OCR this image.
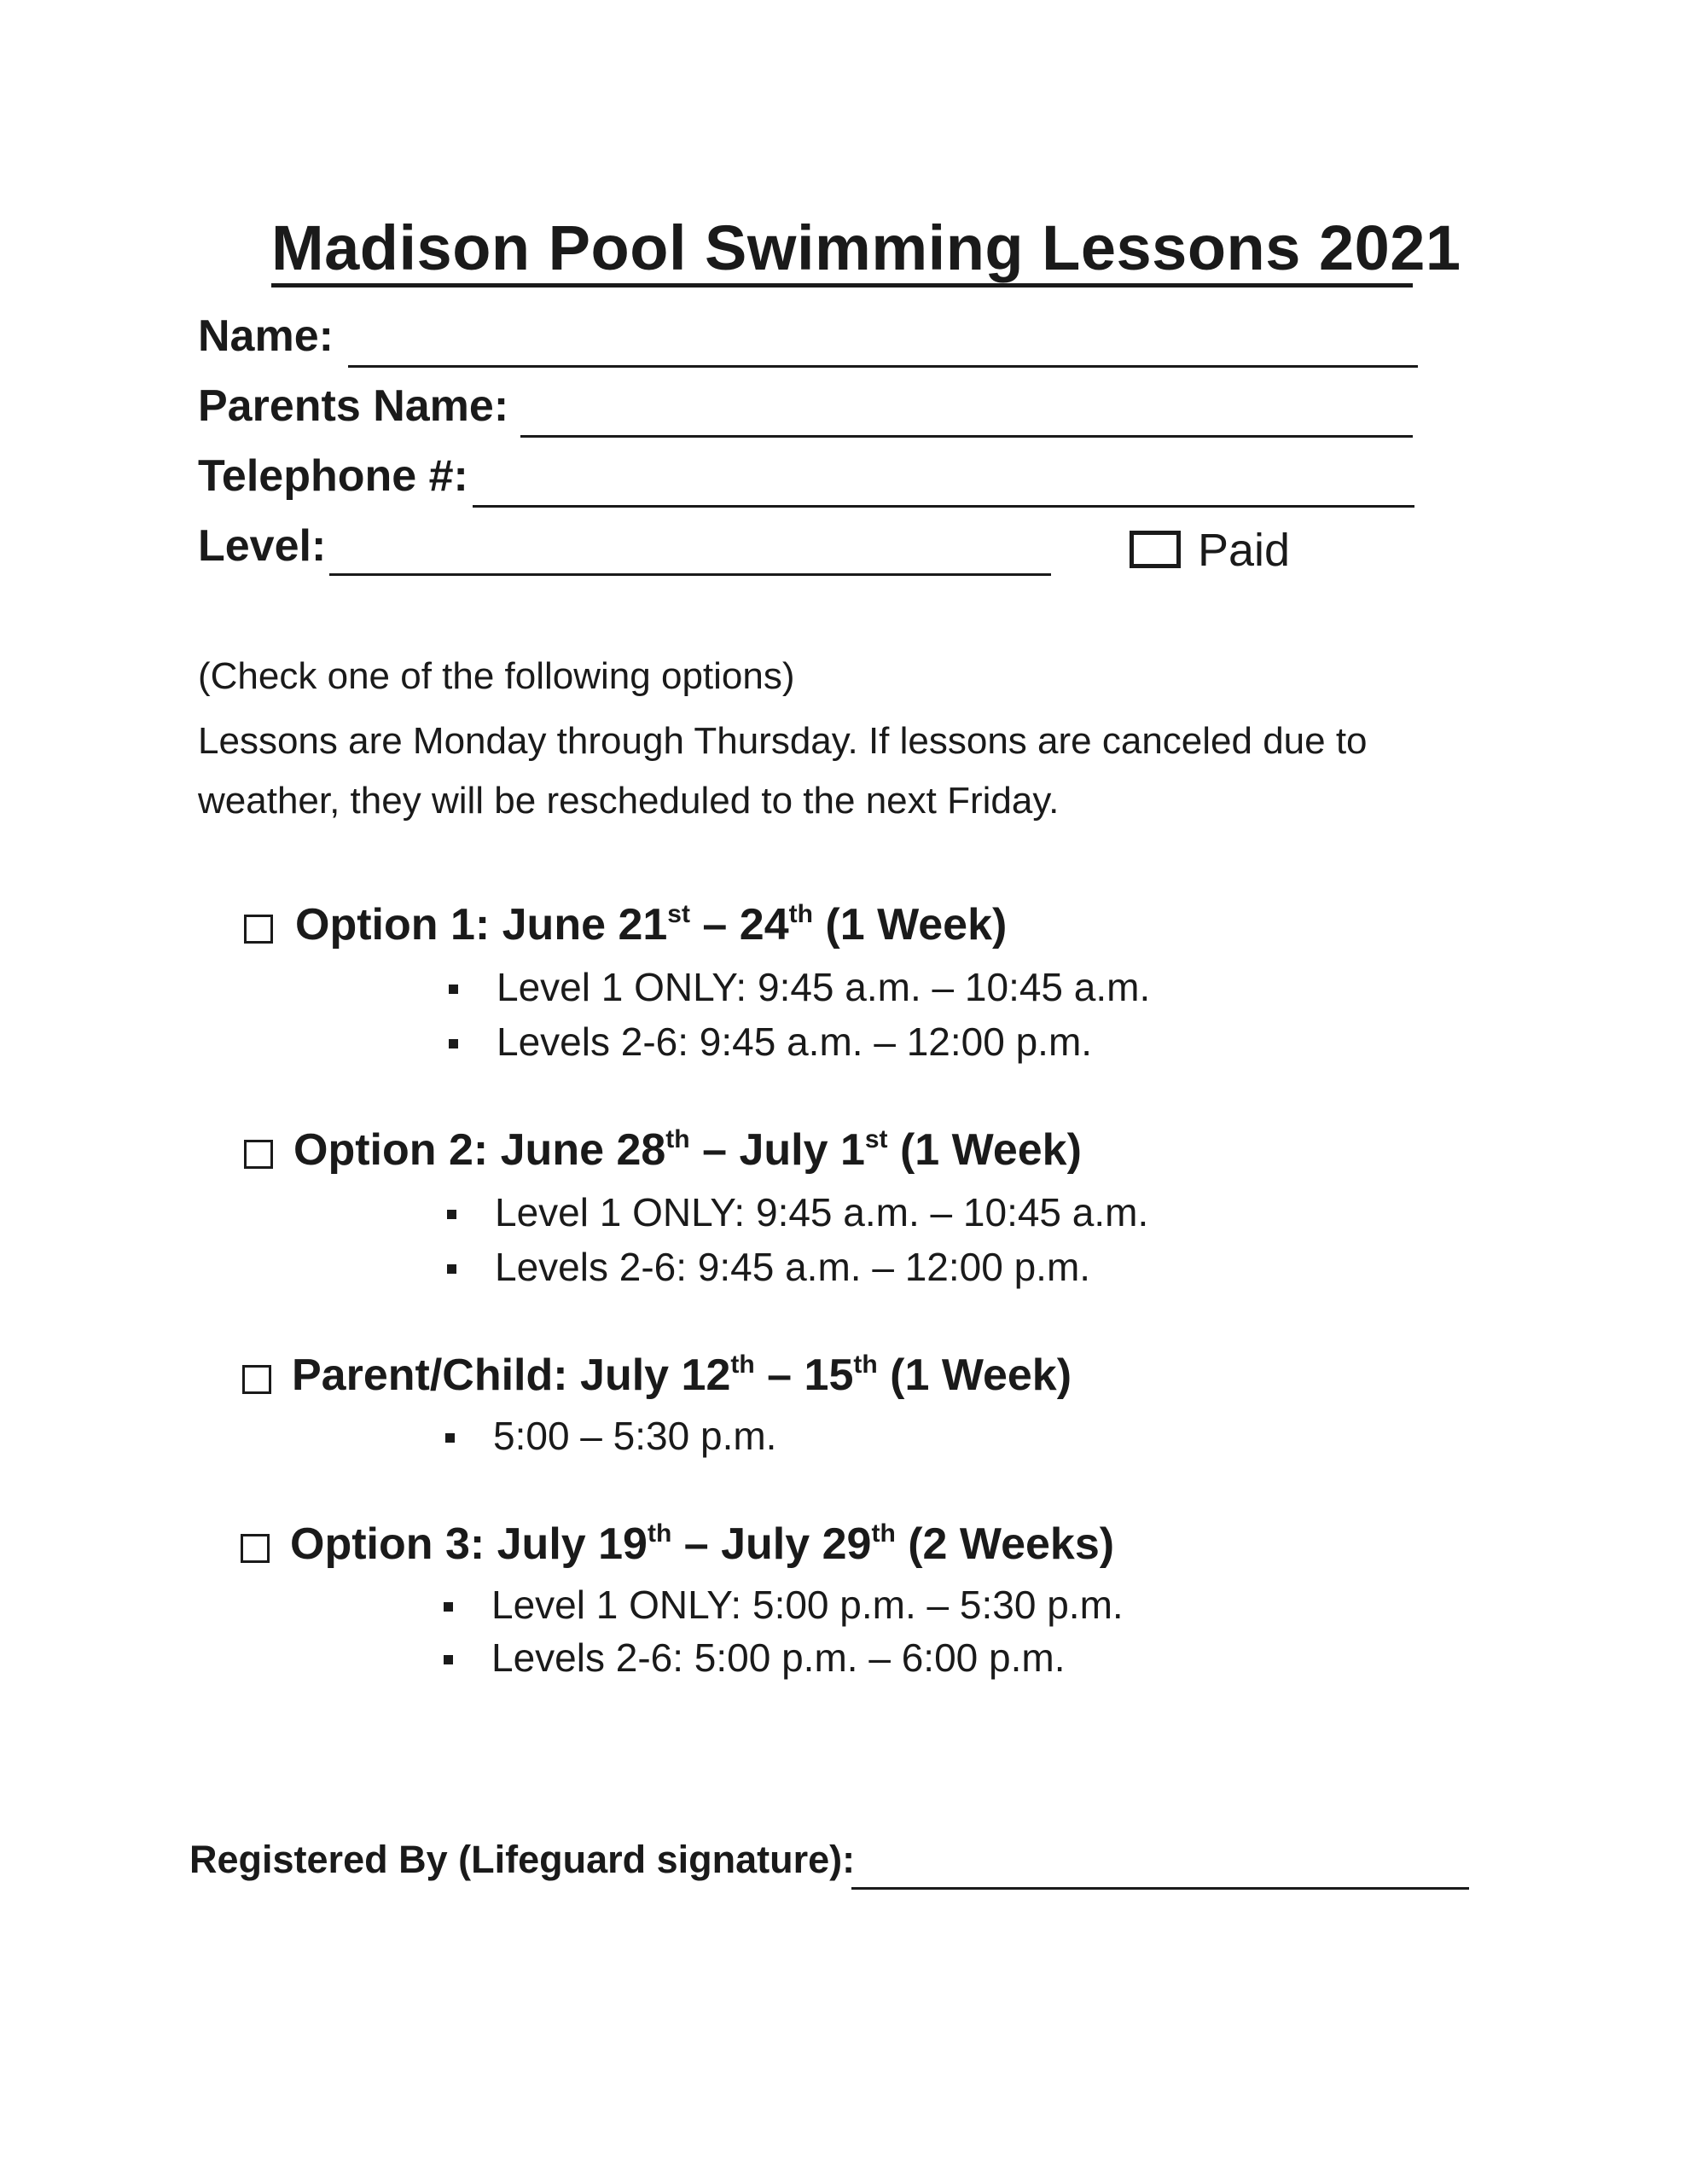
Madison Pool Swimming Lessons 2021
Name:
Parents Name:
Telephone #:
Level:	Paid
(Check one of the following options)
Lessons are Monday through Thursday. If lessons are canceled due to
weather, they will be rescheduled to the next Friday.
Option 1: June 21st – 24th (1 Week)
Level 1 ONLY: 9:45 a.m. – 10:45 a.m.
Levels 2-6: 9:45 a.m. – 12:00 p.m.
Option 2: June 28th – July 1st (1 Week)
Level 1 ONLY: 9:45 a.m. – 10:45 a.m.
Levels 2-6: 9:45 a.m. – 12:00 p.m.
Parent/Child: July 12th – 15th (1 Week)
5:00 – 5:30 p.m.
Option 3: July 19th – July 29th (2 Weeks)
Level 1 ONLY: 5:00 p.m. – 5:30 p.m.
Levels 2-6: 5:00 p.m. – 6:00 p.m.
Registered By (Lifeguard signature):
